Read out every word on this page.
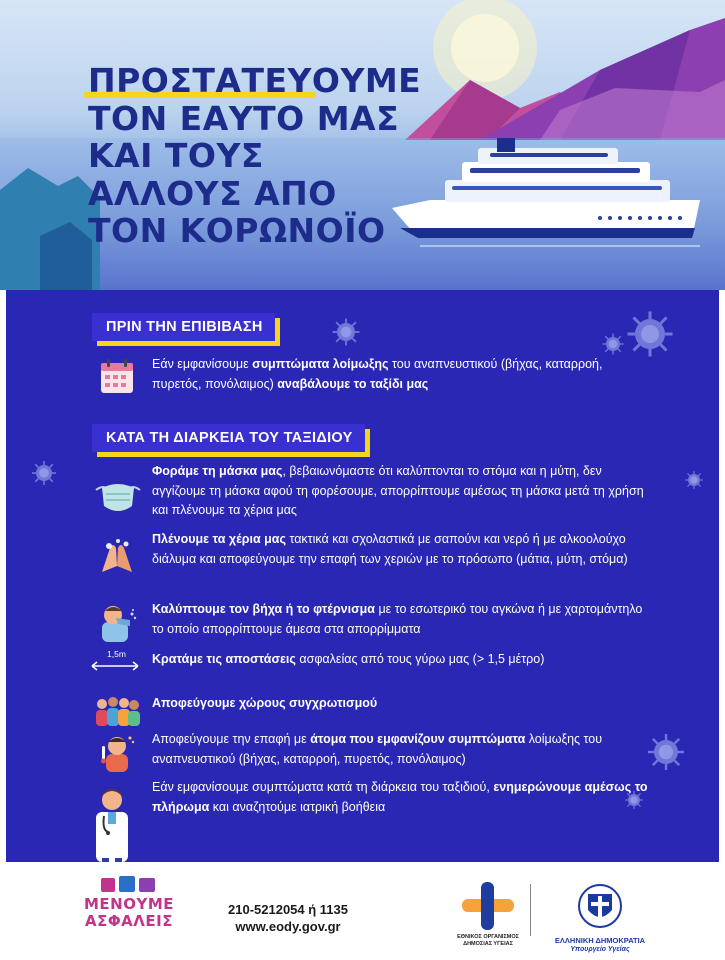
ΠΡΟΣΤΑΤΕΥΟΥΜΕ
ΤΟΝ ΕΑΥΤΟ ΜΑΣ
ΚΑΙ ΤΟΥΣ
ΑΛΛΟΥΣ ΑΠΟ
ΤΟΝ ΚΟΡΩΝΟΪΟ
ΠΡΙΝ ΤΗΝ ΕΠΙΒΙΒΑΣΗ
Εάν εμφανίσουμε συμπτώματα λοίμωξης του αναπνευστικού (βήχας, καταρροή, πυρετός, πονόλαιμος) αναβάλουμε το ταξίδι μας
ΚΑΤΑ ΤΗ ΔΙΑΡΚΕΙΑ ΤΟΥ ΤΑΞΙΔΙΟΥ
Φοράμε τη μάσκα μας, βεβαιωνόμαστε ότι καλύπτονται το στόμα και η μύτη, δεν αγγίζουμε τη μάσκα αφού τη φορέσουμε, απορρίπτουμε αμέσως τη μάσκα μετά τη χρήση και πλένουμε τα χέρια μας
Πλένουμε τα χέρια μας τακτικά και σχολαστικά με σαπούνι και νερό ή με αλκοολούχο διάλυμα και αποφεύγουμε την επαφή των χεριών με το πρόσωπο (μάτια, μύτη, στόμα)
Καλύπτουμε τον βήχα ή το φτέρνισμα με το εσωτερικό του αγκώνα ή με χαρτομάντηλο το οποίο απορρίπτουμε άμεσα στα απορρίμματα
1,5m Κρατάμε τις αποστάσεις ασφαλείας από τους γύρω μας (> 1,5 μέτρο)
Αποφεύγουμε χώρους συγχρωτισμού
Αποφεύγουμε την επαφή με άτομα που εμφανίζουν συμπτώματα λοίμωξης του αναπνευστικού (βήχας, καταρροή, πυρετός, πονόλαιμος)
Εάν εμφανίσουμε συμπτώματα κατά τη διάρκεια του ταξιδιού, ενημερώνουμε αμέσως το πλήρωμα και αναζητούμε ιατρική βοήθεια
ΜΕΝΟΥΜΕ
ΑΣΦΑΛΕΙΣ
210-5212054 ή 1135
www.eody.gov.gr
ΕΘΝΙΚΟΣ ΟΡΓΑΝΙΣΜΟΣ
ΔΗΜΟΣΙΑΣ ΥΓΕΙΑΣ	ΕΛΛΗΝΙΚΗ ΔΗΜΟΚΡΑΤΙΑ
Υπουργείο Υγείας
